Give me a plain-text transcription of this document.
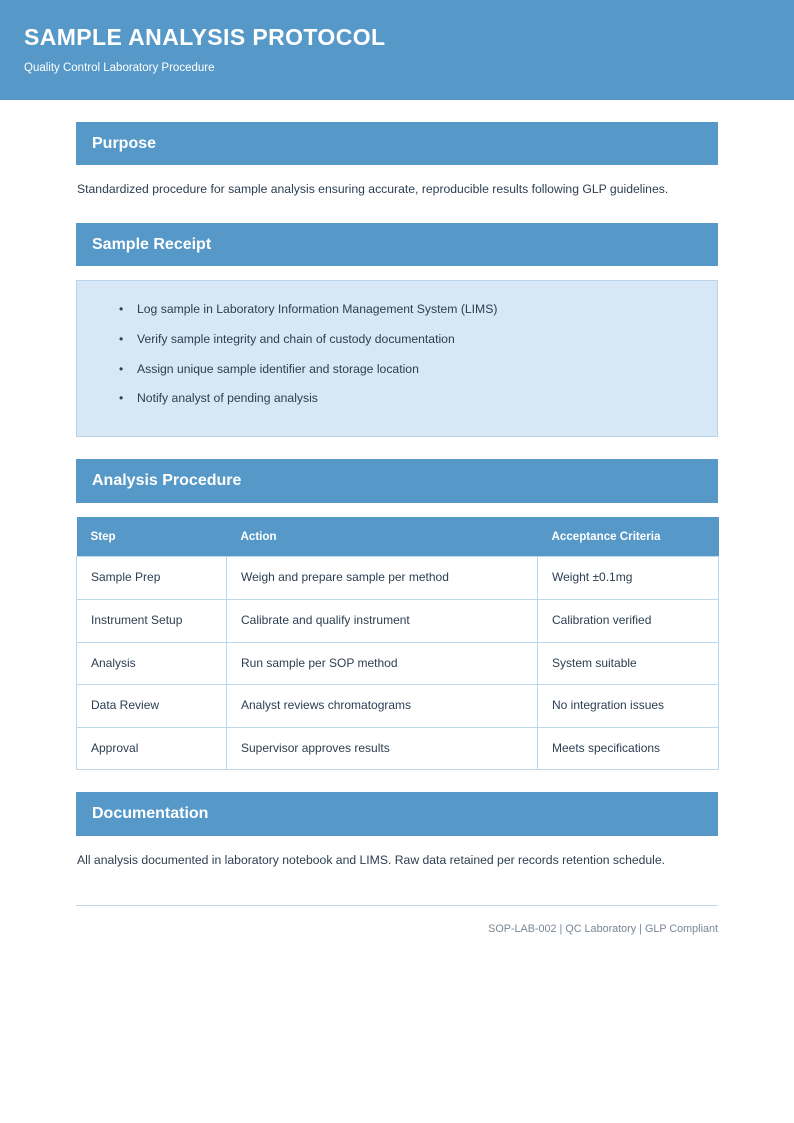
SAMPLE ANALYSIS PROTOCOL
Quality Control Laboratory Procedure
Purpose

Standardized procedure for sample analysis ensuring accurate, reproducible results following GLP guidelines.

Sample Receipt
• Log sample in Laboratory Information Management System (LIMS)
• Verify sample integrity and chain of custody documentation
• Assign unique sample identifier and storage location
• Notify analyst of pending analysis
Analysis Procedure
Step	Action	Acceptance Criteria
Sample Prep	Weigh and prepare sample per method	Weight ±0.1mg
Instrument Setup	Calibrate and qualify instrument	Calibration verified
Analysis	Run sample per SOP method	System suitable
Data Review	Analyst reviews chromatograms	No integration issues
Approval	Supervisor approves results	Meets specifications
Documentation

All analysis documented in laboratory notebook and LIMS. Raw data retained per records retention schedule.

SOP-LAB-002 | QC Laboratory | GLP Compliant
